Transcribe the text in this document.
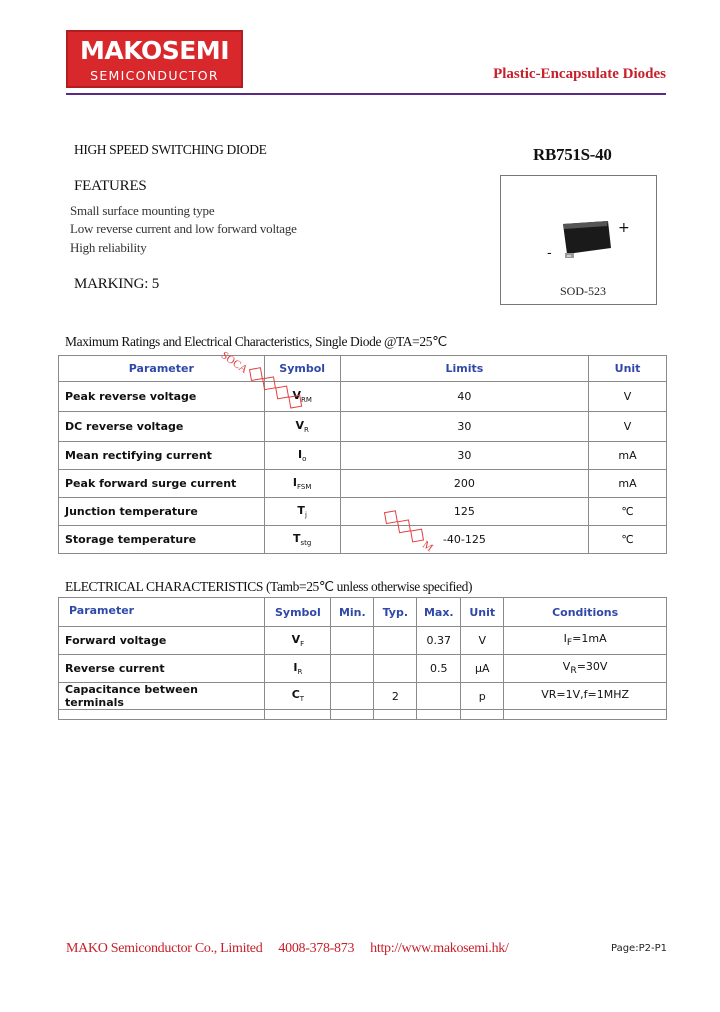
MAKOSEMI
SEMICONDUCTOR	Plastic-Encapsulate Diodes
HIGH SPEED SWITCHING DIODE	RB751S-40
FEATURES
Small surface mounting type
Low reverse current and low forward voltage
High reliability
MARKING: 5
+
-
SOD-523
Maximum Ratings and Electrical Characteristics, Single Diode @TA=25℃
Parameter	Symbol	Limits	Unit
Peak reverse voltage	$V_{RM}$	40	V
DC reverse voltage	$V_R$	30	V
Mean rectifying current	$I_o$	30	mA
Peak forward surge current	$I_{FSM}$	200	mA
Junction temperature	$T_j$	125	℃
Storage temperature	$T_{stg}$	-40-125	℃
ELECTRICAL CHARACTERISTICS (Tamb=25℃ unless otherwise specified)
Parameter	Symbol	Min.	Typ.	Max.	Unit	Conditions
Forward voltage	$V_F$			0.37	V	$I_F=1mA$
Reverse current	$I_R$			0.5	μA	$V_R=30V$
Capacitance between terminals	$C_T$		2		p	VR=1V,f=1MHZ

SOCA
M
MAKO Semiconductor Co., Limited 4008-378-873 http://www.makosemi.hk/	Page:P2-P1
